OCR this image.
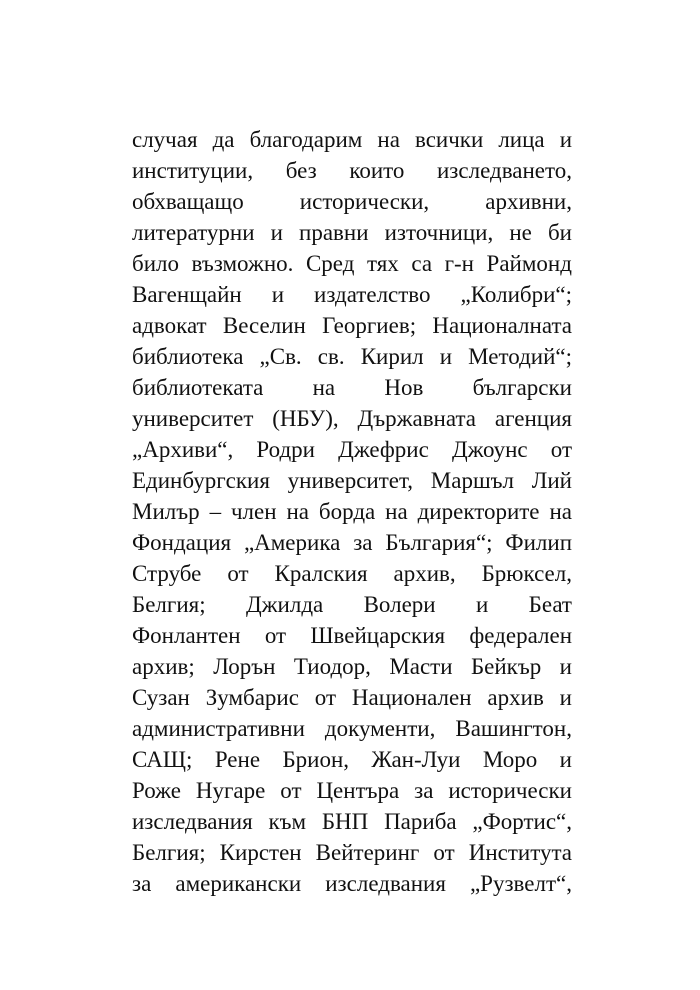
случая да благодарим на всички лица и
институции, без които изследването,
обхващащо исторически, архивни,
литературни и правни източници, не би
било възможно. Сред тях са г-н Раймонд
Вагенщайн и издателство „Колибри“;
адвокат Веселин Георгиев; Националната
библиотека „Св. св. Кирил и Методий“;
библиотеката на Нов български
университет (НБУ), Държавната агенция
„Архиви“, Родри Джефрис Джоунс от
Единбургския университет, Маршъл Лий
Милър – член на борда на директорите на
Фондация „Америка за България“; Филип
Струбе от Кралския архив, Брюксел,
Белгия; Джилда Волери и Беат
Фонлантен от Швейцарския федерален
архив; Лорън Тиодор, Масти Бейкър и
Сузан Зумбарис от Национален архив и
административни документи, Вашингтон,
САЩ; Рене Брион, Жан-Луи Моро и
Роже Нугаре от Центъра за исторически
изследвания към БНП Париба „Фортис“,
Белгия; Кирстен Вейтеринг от Института
за американски изследвания „Рузвелт“,
